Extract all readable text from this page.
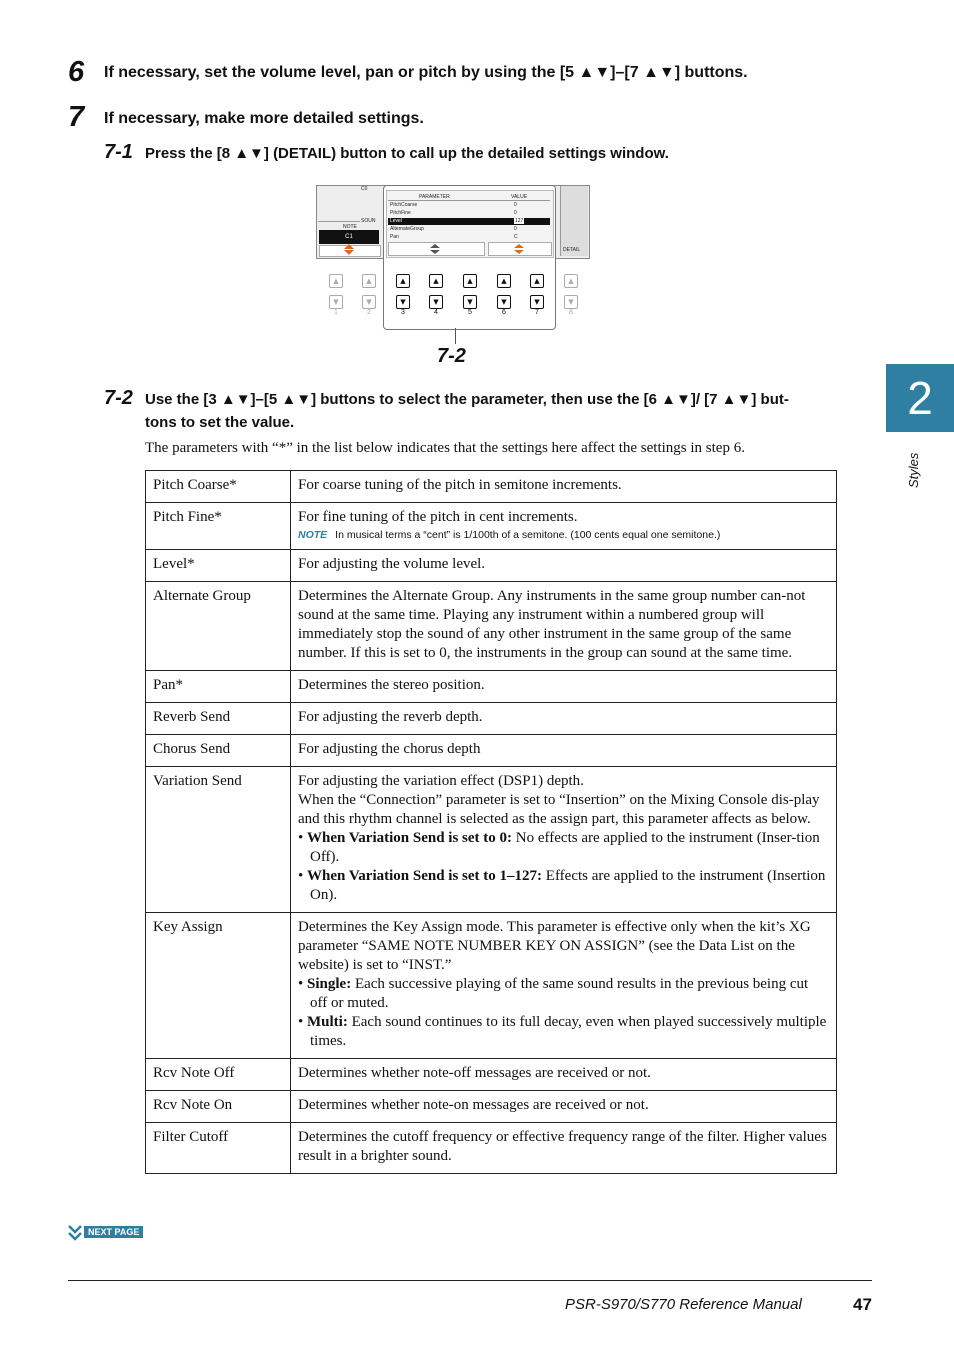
6 If necessary, set the volume level, pan or pitch by using the [5 ▲▼]–[7 ▲▼] buttons.
7 If necessary, make more detailed settings.
7-1 Press the [8 ▲▼] (DETAIL) button to call up the detailed settings window.
C0
SOUN
NOTE
C1
DETAIL
PARAMETER	VALUE
PitchCoarse	0
PitchFine	0
Level	127
AlternateGroup	0
Pan	C
▲
▼
1
▲
▼
2
▲
▼
3
▲
▼
4
▲
▼
5
▲
▼
6
▲
▼
7
▲
▼
8
7-2
7-2 Use the [3 ▲▼]–[5 ▲▼] buttons to select the parameter, then use the [6 ▲▼]/ [7 ▲▼] but-
tons to set the value.
The parameters with “*” in the list below indicates that the settings here affect the settings in step 6.
Pitch Coarse*	For coarse tuning of the pitch in semitone increments.

Pitch Fine*	For fine tuning of the pitch in cent increments.
NOTE In musical terms a “cent” is 1/100th of a semitone. (100 cents equal one semitone.)

Level*	For adjusting the volume level.

Alternate Group	Determines the Alternate Group. Any instruments in the same group number can-not sound at the same time. Playing any instrument within a numbered group will immediately stop the sound of any other instrument in the same group of the same number. If this is set to 0, the instruments in the group can sound at the same time.

Pan*	Determines the stereo position.

Reverb Send	For adjusting the reverb depth.

Chorus Send	For adjusting the chorus depth

Variation Send	For adjusting the variation effect (DSP1) depth.
When the “Connection” parameter is set to “Insertion” on the Mixing Console dis-play and this rhythm channel is selected as the assign part, this parameter affects as below.
• When Variation Send is set to 0: No effects are applied to the instrument (Inser-tion Off).
• When Variation Send is set to 1–127: Effects are applied to the instrument (Insertion On).

Key Assign	Determines the Key Assign mode. This parameter is effective only when the kit’s XG parameter “SAME NOTE NUMBER KEY ON ASSIGN” (see the Data List on the website) is set to “INST.”
• Single: Each successive playing of the same sound results in the previous being cut off or muted.
• Multi: Each sound continues to its full decay, even when played successively multiple times.

Rcv Note Off	Determines whether note-off messages are received or not.

Rcv Note On	Determines whether note-on messages are received or not.

Filter Cutoff	Determines the cutoff frequency or effective frequency range of the filter. Higher values result in a brighter sound.
2
Styles
NEXT PAGE
PSR-S970/S770 Reference Manual	47
